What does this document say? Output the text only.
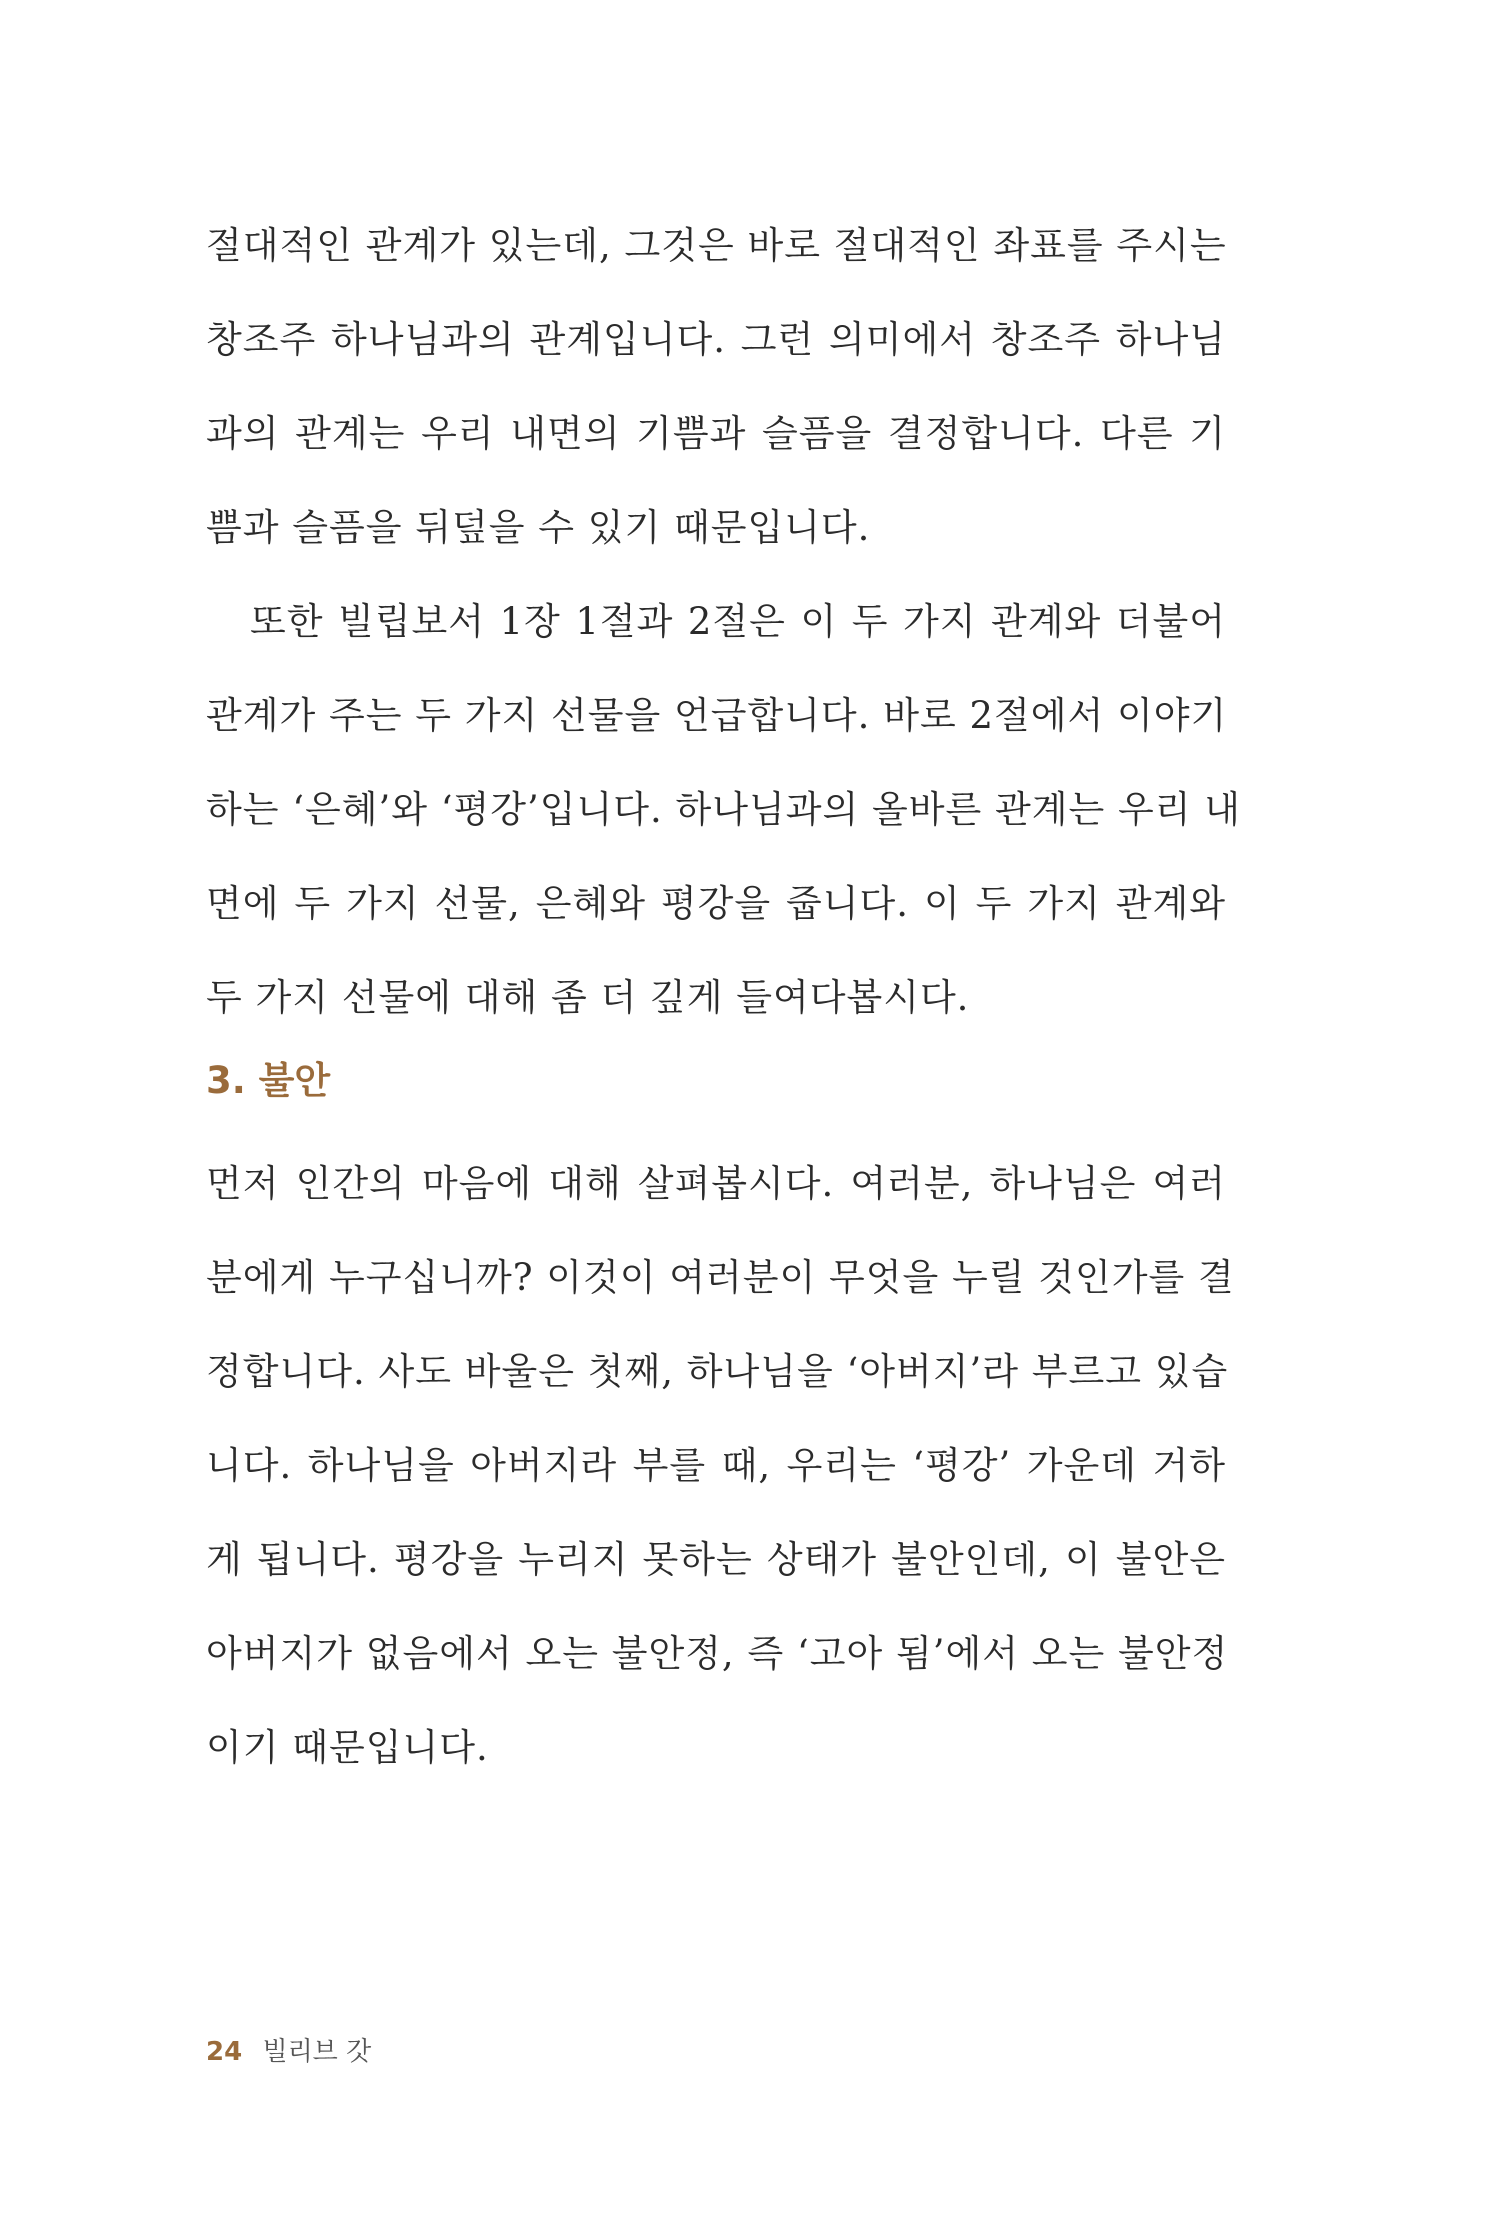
절대적인 관계가 있는데, 그것은 바로 절대적인 좌표를 주시는
창조주 하나님과의 관계입니다. 그런 의미에서 창조주 하나님
과의 관계는 우리 내면의 기쁨과 슬픔을 결정합니다. 다른 기
쁨과 슬픔을 뒤덮을 수 있기 때문입니다.
또한 빌립보서 1장 1절과 2절은 이 두 가지 관계와 더불어
관계가 주는 두 가지 선물을 언급합니다. 바로 2절에서 이야기
하는 ‘은혜’와 ‘평강’입니다. 하나님과의 올바른 관계는 우리 내
면에 두 가지 선물, 은혜와 평강을 줍니다. 이 두 가지 관계와
두 가지 선물에 대해 좀 더 깊게 들여다봅시다.
3. 불안
먼저 인간의 마음에 대해 살펴봅시다. 여러분, 하나님은 여러
분에게 누구십니까? 이것이 여러분이 무엇을 누릴 것인가를 결
정합니다. 사도 바울은 첫째, 하나님을 ‘아버지’라 부르고 있습
니다. 하나님을 아버지라 부를 때, 우리는 ‘평강’ 가운데 거하
게 됩니다. 평강을 누리지 못하는 상태가 불안인데, 이 불안은
아버지가 없음에서 오는 불안정, 즉 ‘고아 됨’에서 오는 불안정
이기 때문입니다.
24 빌리브 갓
